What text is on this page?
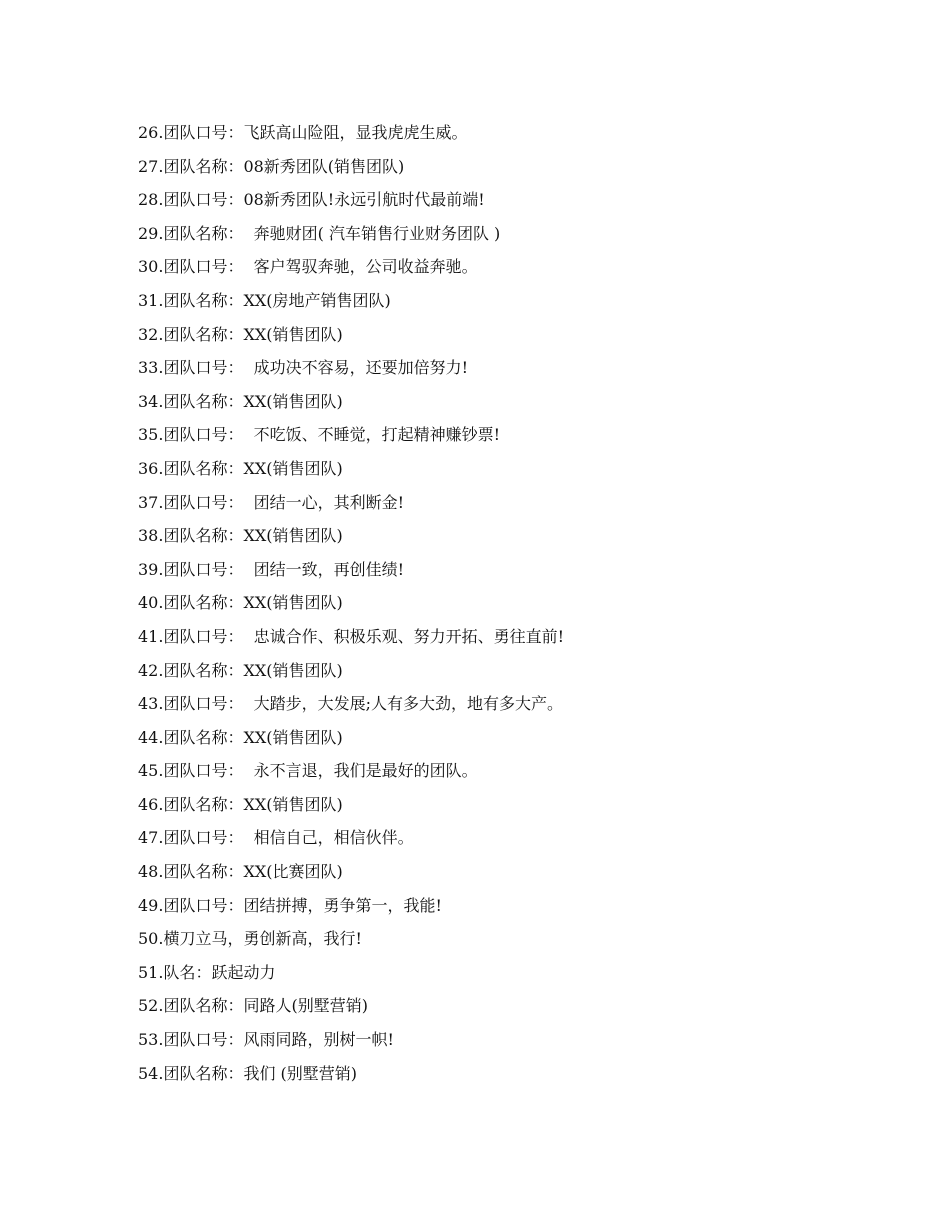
26.团队口号：飞跃高山险阻，显我虎虎生威。
27.团队名称：08新秀团队(销售团队)
28.团队口号：08新秀团队!永远引航时代最前端!
29.团队名称：  奔驰财团( 汽车销售行业财务团队 )
30.团队口号：  客户驾驭奔驰，公司收益奔驰。
31.团队名称：XX(房地产销售团队)
32.团队名称：XX(销售团队)
33.团队口号：  成功决不容易，还要加倍努力!
34.团队名称：XX(销售团队)
35.团队口号：  不吃饭、不睡觉，打起精神赚钞票!
36.团队名称：XX(销售团队)
37.团队口号：  团结一心，其利断金!
38.团队名称：XX(销售团队)
39.团队口号：  团结一致，再创佳绩!
40.团队名称：XX(销售团队)
41.团队口号：  忠诚合作、积极乐观、努力开拓、勇往直前!
42.团队名称：XX(销售团队)
43.团队口号：  大踏步，大发展;人有多大劲，地有多大产。
44.团队名称：XX(销售团队)
45.团队口号：  永不言退，我们是最好的团队。
46.团队名称：XX(销售团队)
47.团队口号：  相信自己，相信伙伴。
48.团队名称：XX(比赛团队)
49.团队口号：团结拼搏，勇争第一，我能!
50.横刀立马，勇创新高，我行!
51.队名：跃起动力
52.团队名称：同路人(别墅营销)
53.团队口号：风雨同路，别树一帜!
54.团队名称：我们 (别墅营销)
